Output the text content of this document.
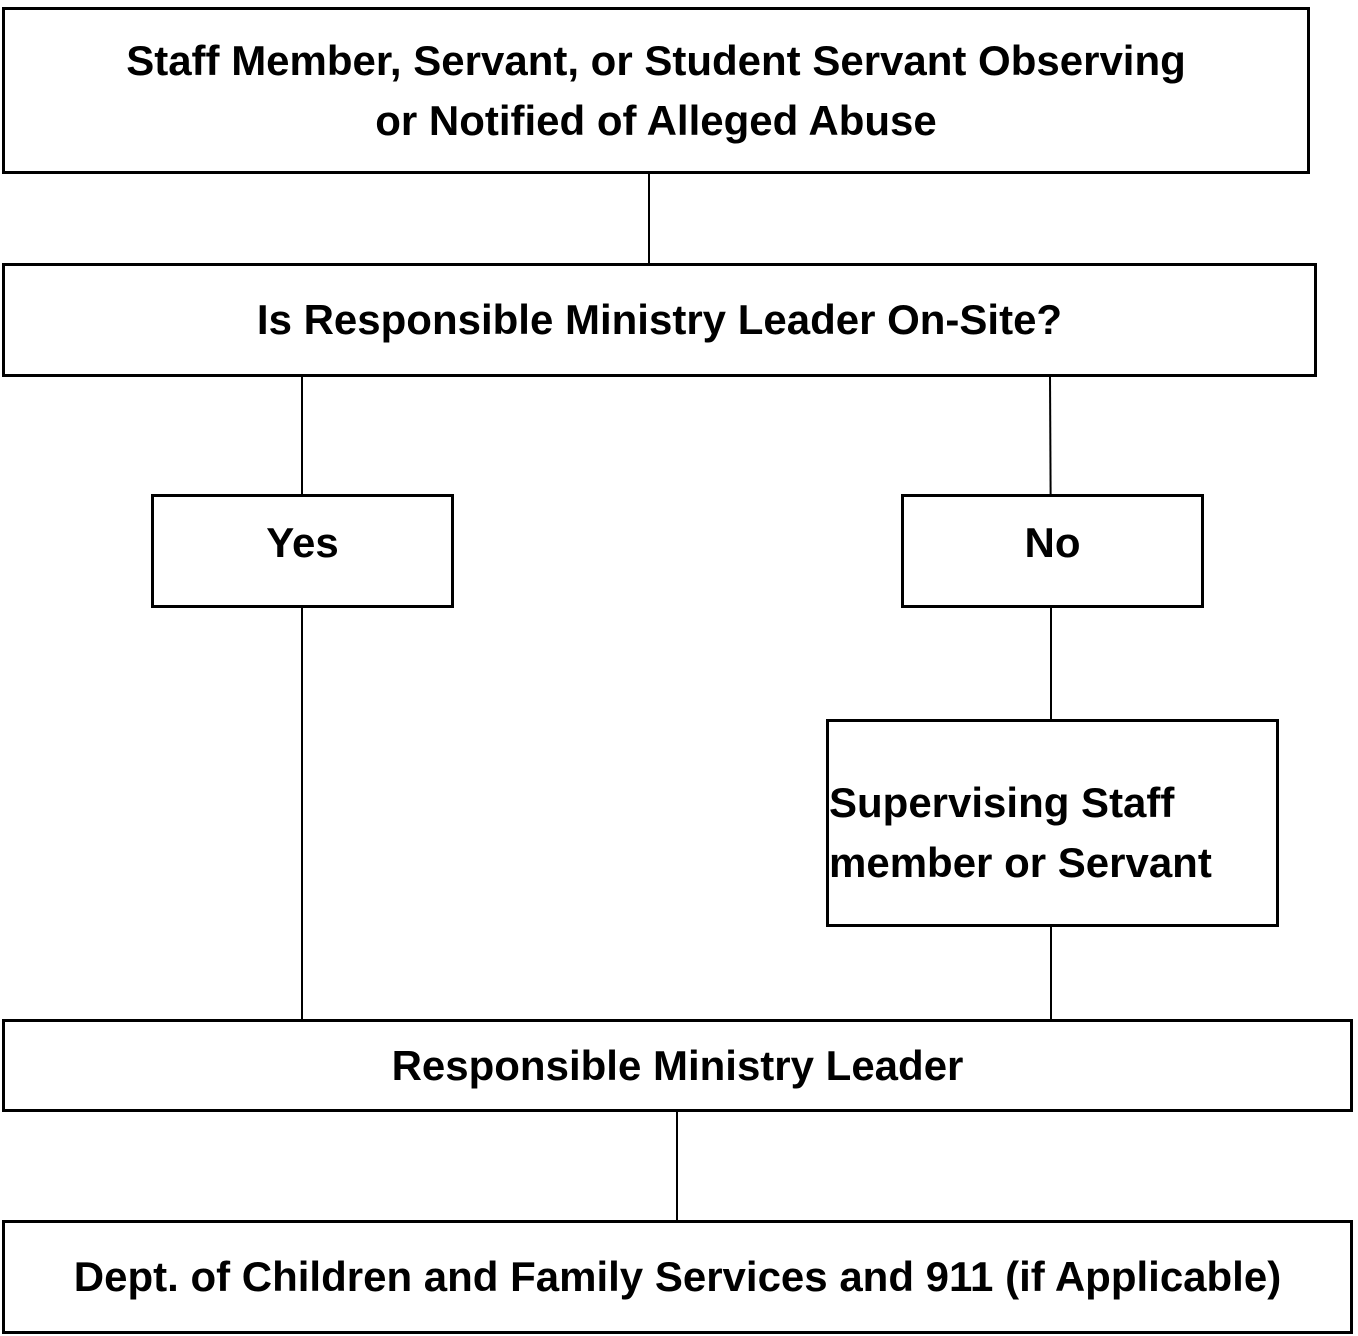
Staff Member, Servant, or Student Servant Observing
or Notified of Alleged Abuse
Is Responsible Ministry Leader On-Site?
Yes	No
Supervising Staff
member or Servant
Responsible Ministry Leader
Dept. of Children and Family Services and 911 (if Applicable)
